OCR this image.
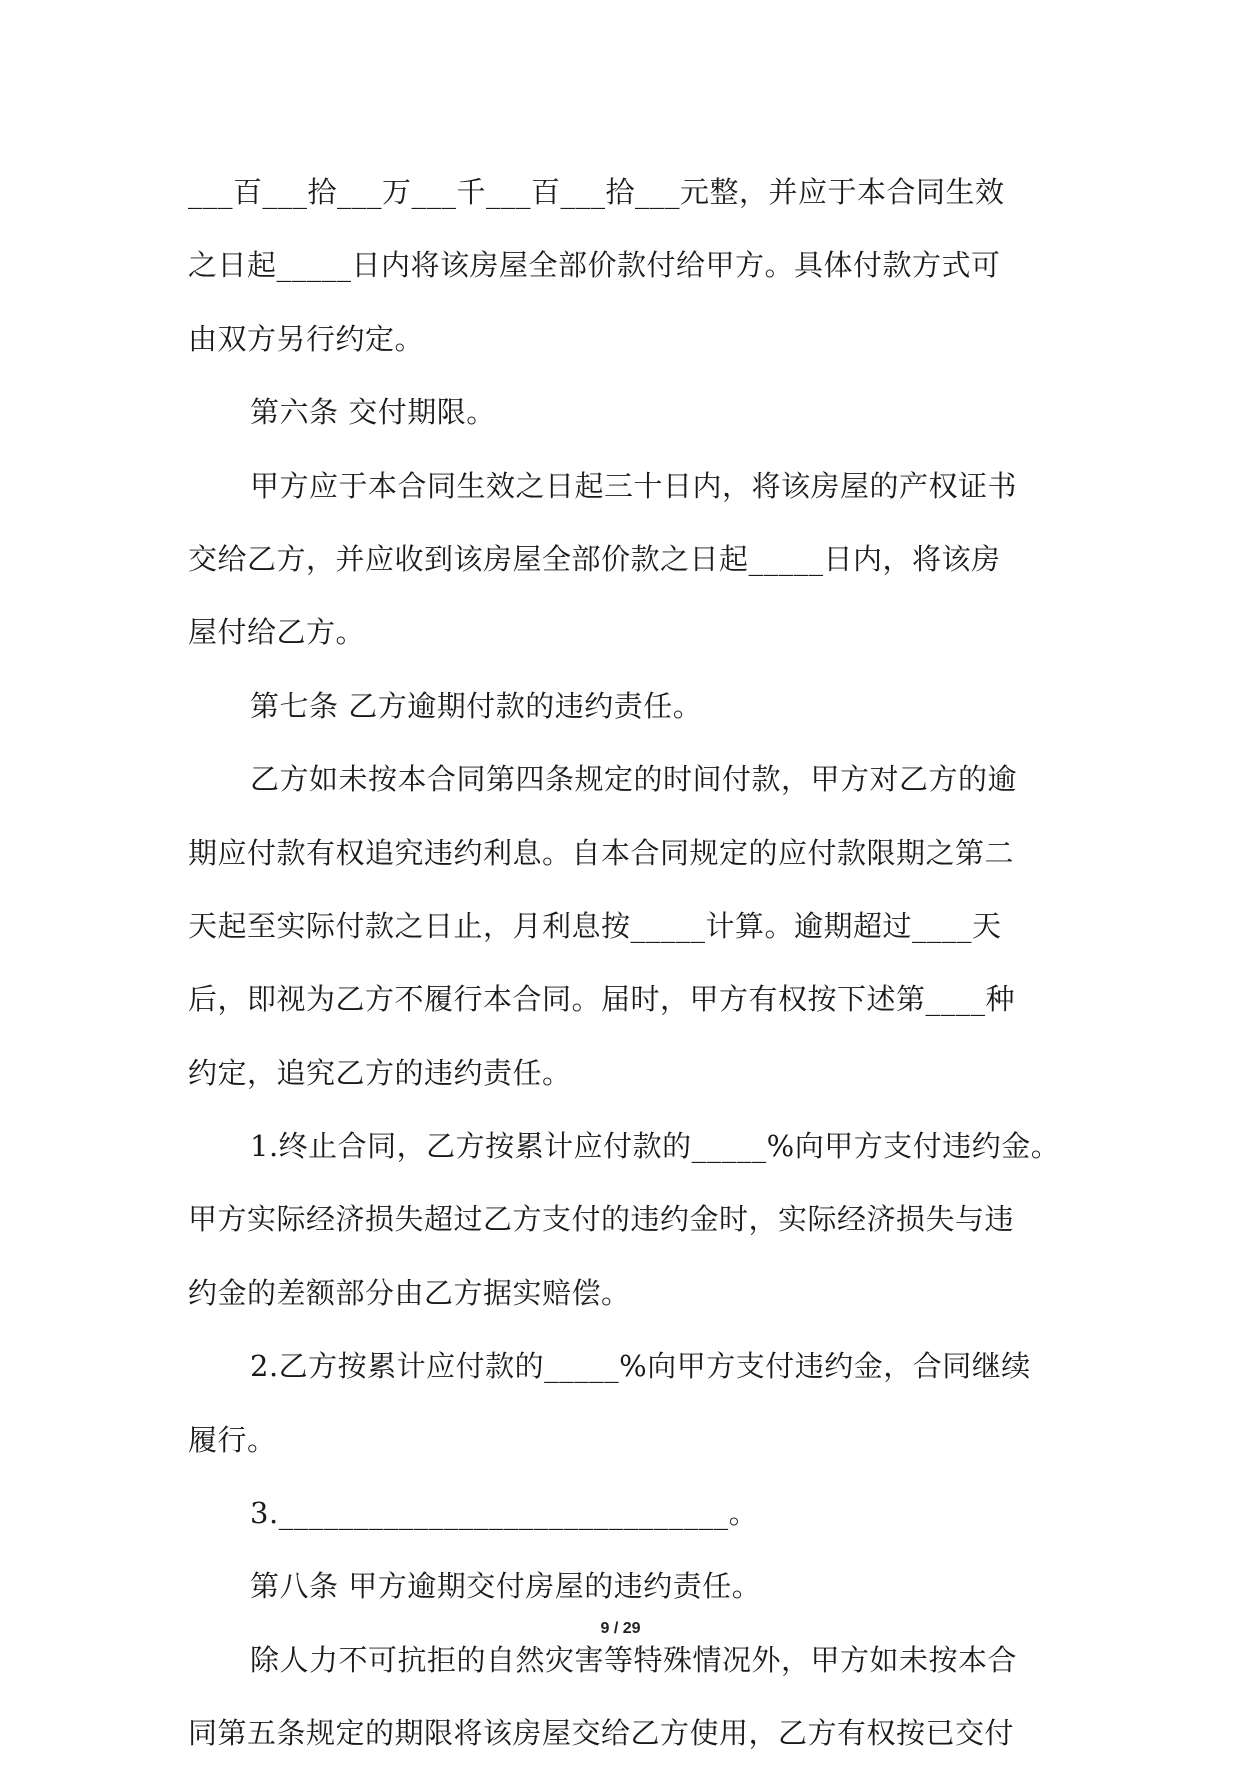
___百___拾___万___千___百___拾___元整，并应于本合同生效
之日起_____日内将该房屋全部价款付给甲方。具体付款方式可
由双方另行约定。
第六条 交付期限。
甲方应于本合同生效之日起三十日内，将该房屋的产权证书
交给乙方，并应收到该房屋全部价款之日起_____日内，将该房
屋付给乙方。
第七条 乙方逾期付款的违约责任。
乙方如未按本合同第四条规定的时间付款，甲方对乙方的逾
期应付款有权追究违约利息。自本合同规定的应付款限期之第二
天起至实际付款之日止，月利息按_____计算。逾期超过____天
后，即视为乙方不履行本合同。届时，甲方有权按下述第____种
约定，追究乙方的违约责任。
1.终止合同，乙方按累计应付款的_____%向甲方支付违约金。
甲方实际经济损失超过乙方支付的违约金时，实际经济损失与违
约金的差额部分由乙方据实赔偿。
2.乙方按累计应付款的_____%向甲方支付违约金，合同继续
履行。
3.______________________________。
第八条 甲方逾期交付房屋的违约责任。
除人力不可抗拒的自然灾害等特殊情况外，甲方如未按本合
同第五条规定的期限将该房屋交给乙方使用，乙方有权按已交付
9 / 29
